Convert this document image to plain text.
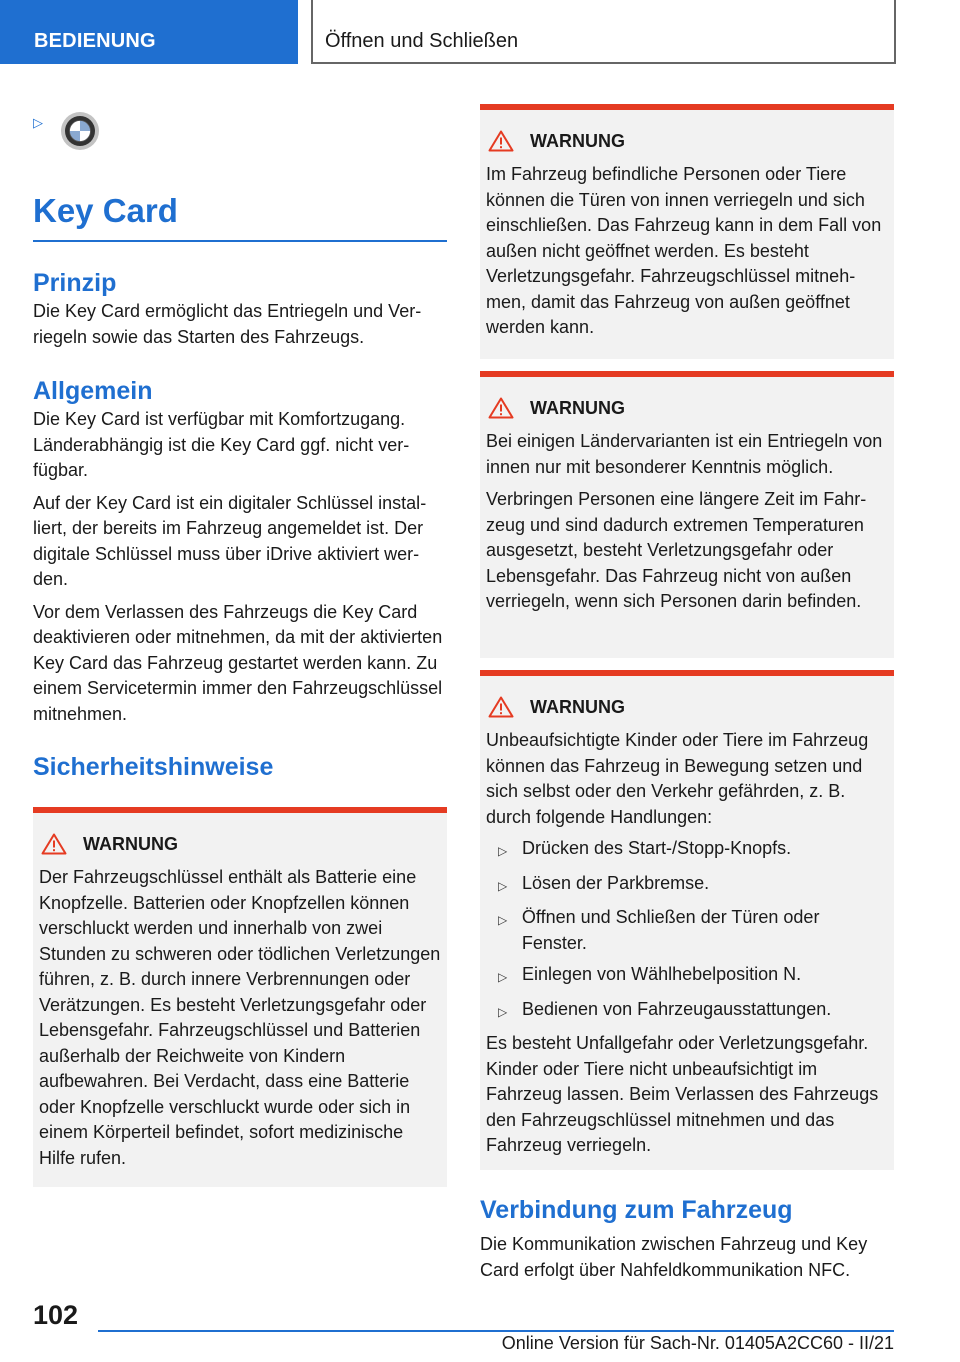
BEDIENUNG	Öffnen und Schließen
▷
Key Card
Prinzip

Die Key Card ermöglicht das Entriegeln und Verriegeln sowie das Starten des Fahrzeugs.

Allgemein

Die Key Card ist verfügbar mit Komfortzugang. Länderabhängig ist die Key Card ggf. nicht verfügbar.

Auf der Key Card ist ein digitaler Schlüssel installiert, der bereits im Fahrzeug angemeldet ist. Der digitale Schlüssel muss über iDrive aktiviert werden.

Vor dem Verlassen des Fahrzeugs die Key Card deaktivieren oder mitnehmen, da mit der aktivierten Key Card das Fahrzeug gestartet werden kann. Zu einem Servicetermin immer den Fahrzeugschlüssel mitnehmen.

Sicherheitshinweise
WARNUNG

Der Fahrzeugschlüssel enthält als Batterie eine Knopfzelle. Batterien oder Knopfzellen können verschluckt werden und innerhalb von zwei Stunden zu schweren oder tödlichen Verletzungen führen, z. B. durch innere Verbrennungen oder Verätzungen. Es besteht Verletzungsgefahr oder Lebensgefahr. Fahrzeugschlüssel und Batterien außerhalb der Reichweite von Kindern aufbewahren. Bei Verdacht, dass eine Batterie oder Knopfzelle verschluckt wurde oder sich in einem Körperteil befindet, sofort medizinische Hilfe rufen.

WARNUNG

Im Fahrzeug befindliche Personen oder Tiere können die Türen von innen verriegeln und sich einschließen. Das Fahrzeug kann in dem Fall von außen nicht geöffnet werden. Es besteht Verletzungsgefahr. Fahrzeugschlüssel mitnehmen, damit das Fahrzeug von außen geöffnet werden kann.

WARNUNG

Bei einigen Ländervarianten ist ein Entriegeln von innen nur mit besonderer Kenntnis möglich.

Verbringen Personen eine längere Zeit im Fahrzeug und sind dadurch extremen Temperaturen ausgesetzt, besteht Verletzungsgefahr oder Lebensgefahr. Das Fahrzeug nicht von außen verriegeln, wenn sich Personen darin befinden.

WARNUNG

Unbeaufsichtigte Kinder oder Tiere im Fahrzeug können das Fahrzeug in Bewegung setzen und sich selbst oder den Verkehr gefährden, z. B. durch folgende Handlungen:

▷ Drücken des Start-/Stopp-Knopfs.
▷ Lösen der Parkbremse.
▷ Öffnen und Schließen der Türen oder Fenster.
▷ Einlegen von Wählhebelposition N.
▷ Bedienen von Fahrzeugausstattungen.

Es besteht Unfallgefahr oder Verletzungsgefahr. Kinder oder Tiere nicht unbeaufsichtigt im Fahrzeug lassen. Beim Verlassen des Fahrzeugs den Fahrzeugschlüssel mitnehmen und das Fahrzeug verriegeln.

Verbindung zum Fahrzeug

Die Kommunikation zwischen Fahrzeug und Key Card erfolgt über Nahfeldkommunikation NFC.

102
Online Version für Sach-Nr. 01405A2CC60 - II/21
